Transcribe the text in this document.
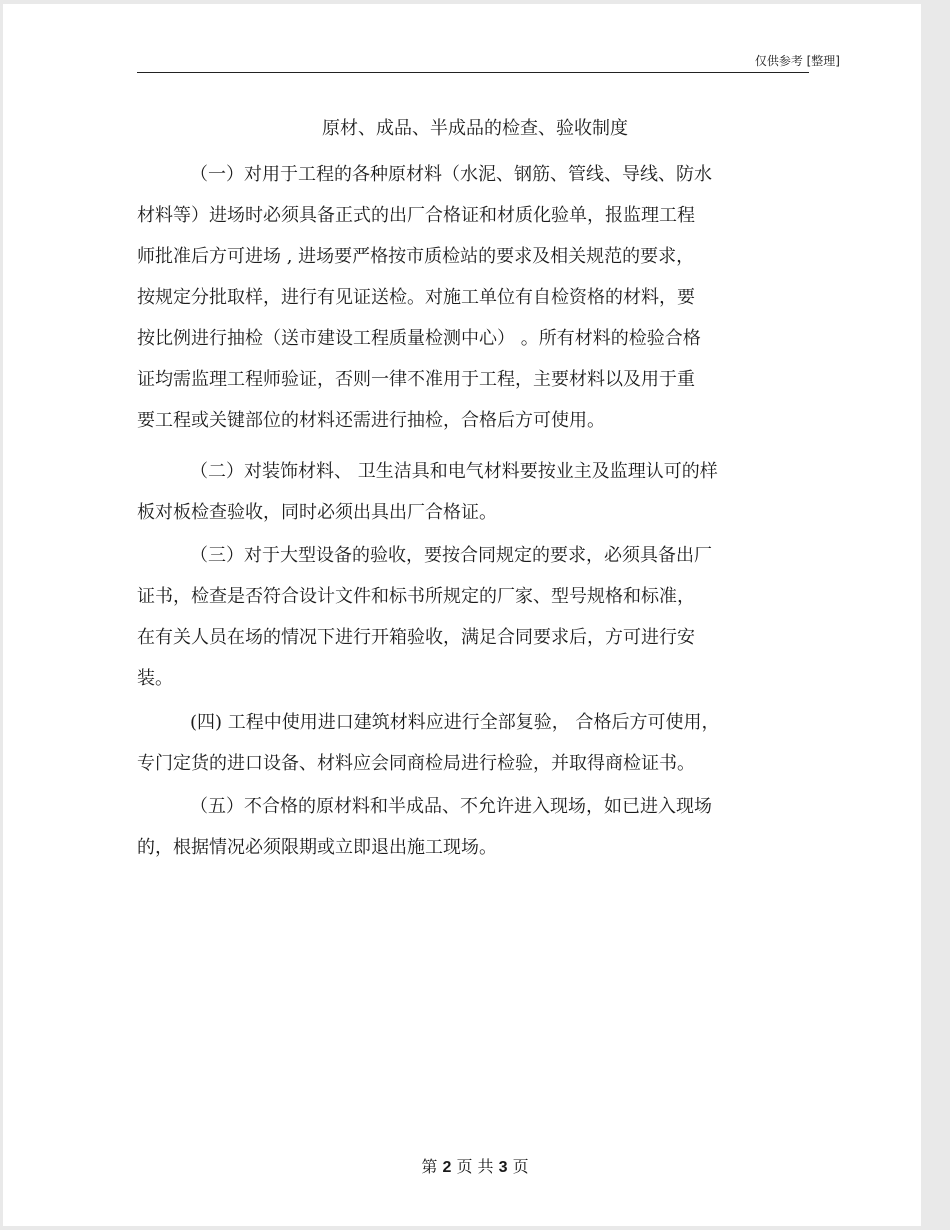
仅供参考 [整理]
原材、成品、半成品的检查、验收制度
（一）对用于工程的各种原材料（水泥、钢筋、管线、导线、防水
材料等）进场时必须具备正式的出厂合格证和材质化验单，报监理工程
师批准后方可进场 , 进场要严格按市质检站的要求及相关规范的要求，
按规定分批取样，进行有见证送检。对施工单位有自检资格的材料，要
按比例进行抽检（送市建设工程质量检测中心） 。所有材料的检验合格
证均需监理工程师验证，否则一律不准用于工程，主要材料以及用于重
要工程或关键部位的材料还需进行抽检，合格后方可使用。
（二）对装饰材料、 卫生洁具和电气材料要按业主及监理认可的样
板对板检查验收，同时必须出具出厂合格证。
（三）对于大型设备的验收，要按合同规定的要求，必须具备出厂
证书，检查是否符合设计文件和标书所规定的厂家、型号规格和标准，
在有关人员在场的情况下进行开箱验收，满足合同要求后，方可进行安
装。
(四) 工程中使用进口建筑材料应进行全部复验， 合格后方可使用，
专门定货的进口设备、材料应会同商检局进行检验，并取得商检证书。
（五）不合格的原材料和半成品、不允许进入现场，如已进入现场
的，根据情况必须限期或立即退出施工现场。
第 2 页 共 3 页
